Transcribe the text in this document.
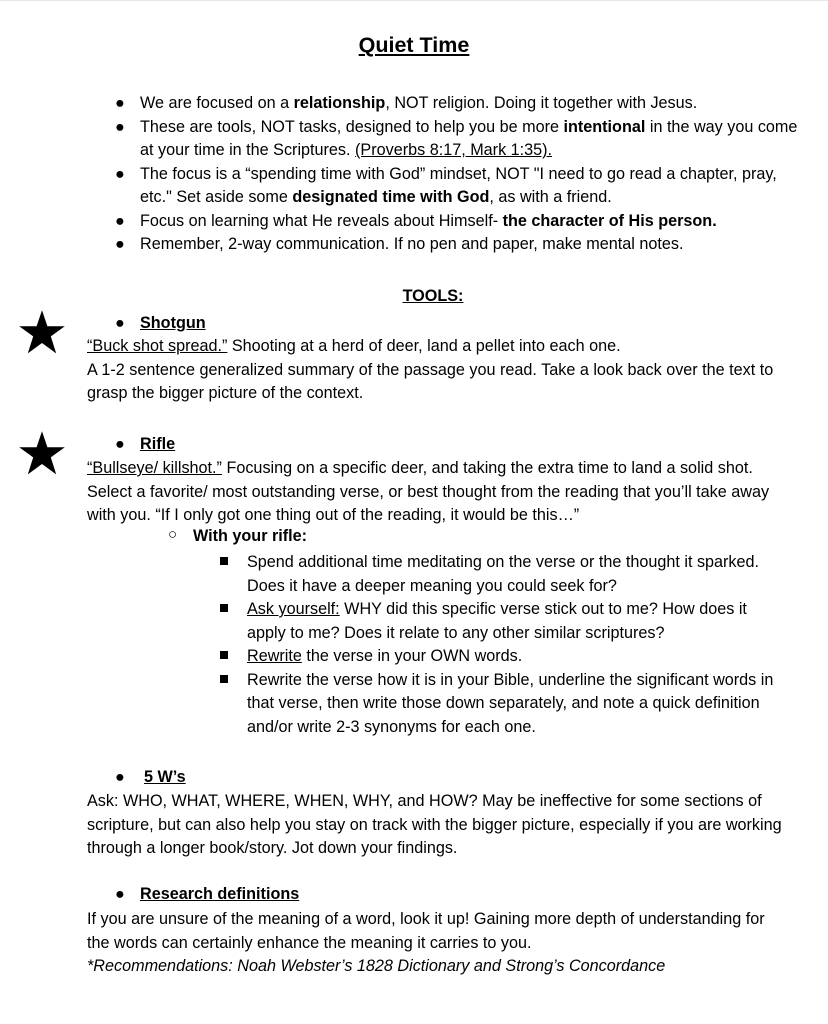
Quiet Time
● We are focused on a relationship, NOT religion. Doing it together with Jesus.
● These are tools, NOT tasks, designed to help you be more intentional in the way you come at your time in the Scriptures. (Proverbs 8:17, Mark 1:35).
● The focus is a “spending time with God” mindset, NOT "I need to go read a chapter, pray, etc." Set aside some designated time with God, as with a friend.
● Focus on learning what He reveals about Himself- the character of His person.
● Remember, 2-way communication. If no pen and paper, make mental notes.
TOOLS:
● Shotgun
“Buck shot spread.” Shooting at a herd of deer, land a pellet into each one.
A 1-2 sentence generalized summary of the passage you read. Take a look back over the text to grasp the bigger picture of the context.
● Rifle
“Bullseye/ killshot.” Focusing on a specific deer, and taking the extra time to land a solid shot. Select a favorite/ most outstanding verse, or best thought from the reading that you’ll take away with you. “If I only got one thing out of the reading, it would be this…”
○ With your rifle:
Spend additional time meditating on the verse or the thought it sparked. Does it have a deeper meaning you could seek for?
Ask yourself: WHY did this specific verse stick out to me? How does it apply to me? Does it relate to any other similar scriptures?
Rewrite the verse in your OWN words.
Rewrite the verse how it is in your Bible, underline the significant words in that verse, then write those down separately, and note a quick definition and/or write 2-3 synonyms for each one.
● 5 W’s
Ask: WHO, WHAT, WHERE, WHEN, WHY, and HOW? May be ineffective for some sections of scripture, but can also help you stay on track with the bigger picture, especially if you are working through a longer book/story. Jot down your findings.
● Research definitions
If you are unsure of the meaning of a word, look it up! Gaining more depth of understanding for the words can certainly enhance the meaning it carries to you.
*Recommendations: Noah Webster’s 1828 Dictionary and Strong’s Concordance
